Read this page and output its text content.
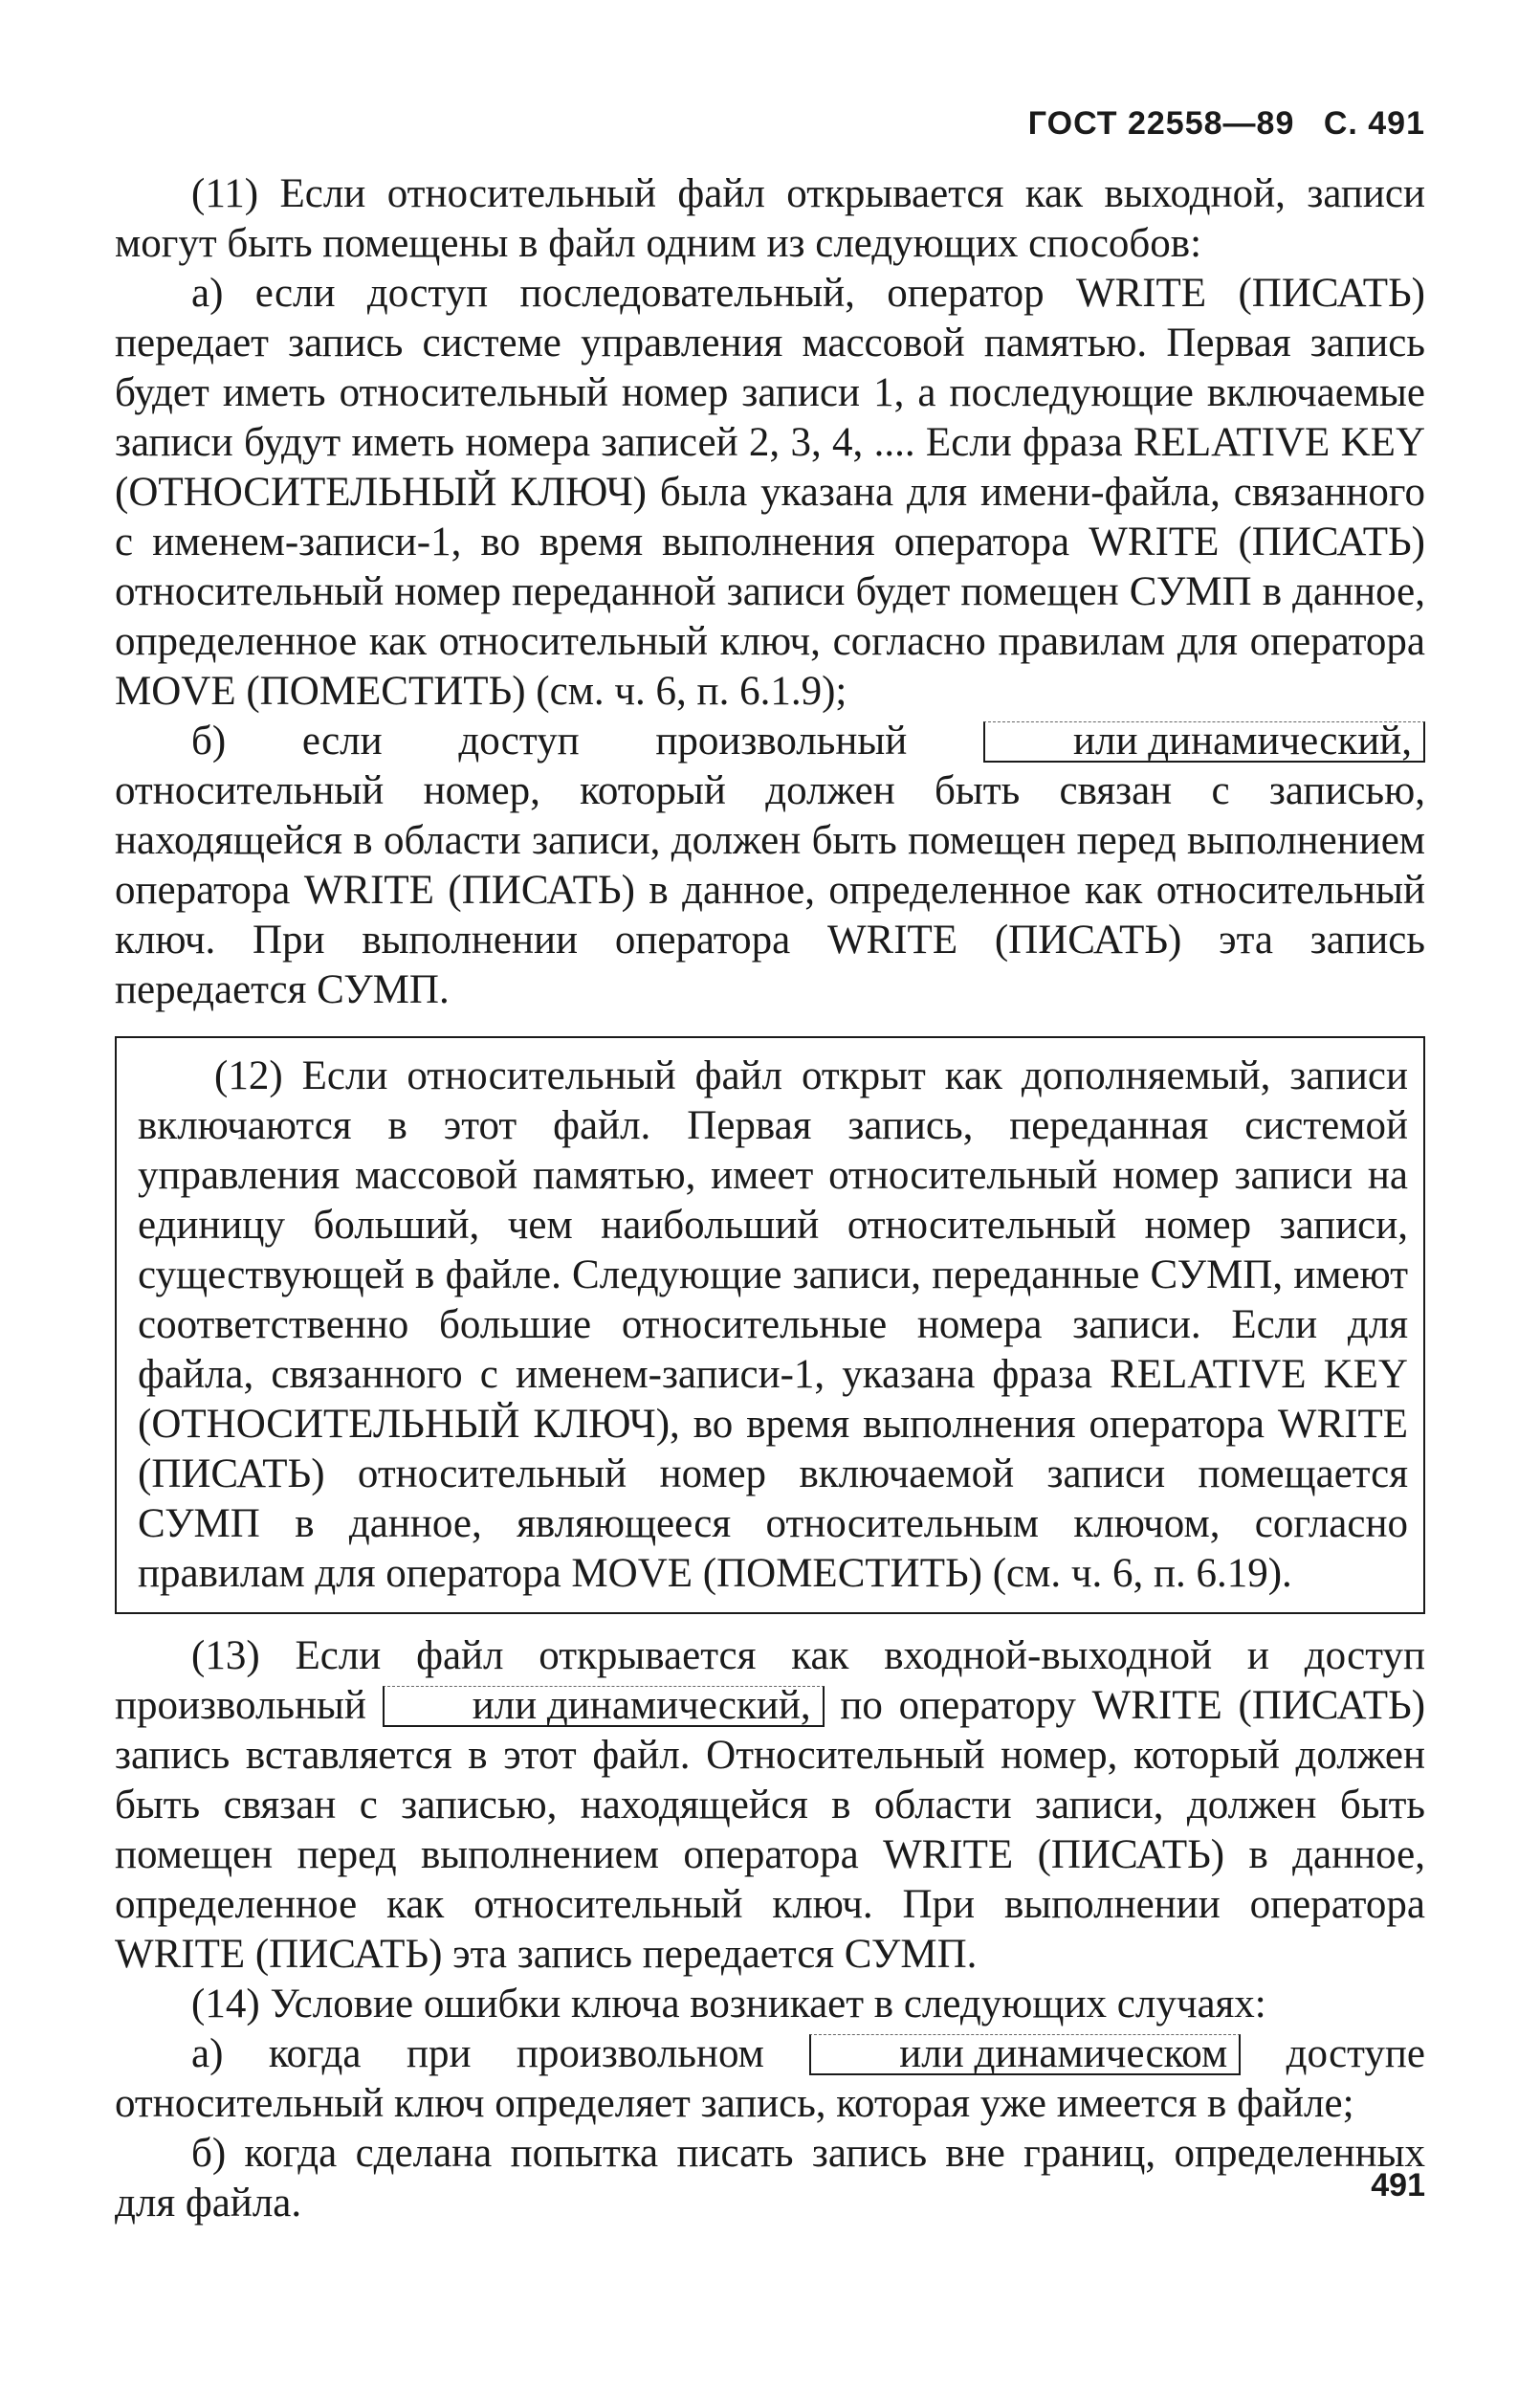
ГОСТ 22558—89 С. 491

(11) Если относительный файл открывается как выходной, записи могут быть помещены в файл одним из следующих способов:

а) если доступ последовательный, оператор WRITE (ПИСАТЬ) передает запись системе управления массовой памятью. Первая запись будет иметь относительный номер записи 1, а последующие включаемые записи будут иметь номера записей 2, 3, 4, .... Если фраза RELATIVE KEY (ОТНОСИТЕЛЬНЫЙ КЛЮЧ) была указана для имени-файла, связанного с именем-записи-1, во время выполнения оператора WRITE (ПИСАТЬ) относительный номер переданной записи будет помещен СУМП в данное, определенное как относительный ключ, согласно правилам для оператора MOVE (ПОМЕСТИТЬ) (см. ч. 6, п. 6.1.9);

б) если доступ произвольный	или динамический, относительный номер, который должен быть связан с записью, находящейся в области записи, должен быть помещен перед выполнением оператора WRITE (ПИСАТЬ) в данное, определенное как относительный ключ. При выполнении оператора WRITE (ПИСАТЬ) эта запись передается СУМП.

(12) Если относительный файл открыт как дополняемый, записи включаются в этот файл. Первая запись, переданная системой управления массовой памятью, имеет относительный номер записи на единицу больший, чем наибольший относительный номер записи, существующей в файле. Следующие записи, переданные СУМП, имеют соответственно большие относительные номера записи. Если для файла, связанного с именем-записи-1, указана фраза RELATIVE KEY (ОТНОСИТЕЛЬНЫЙ КЛЮЧ), во время выполнения оператора WRITE (ПИСАТЬ) относительный номер включаемой записи помещается СУМП в данное, являющееся относительным ключом, согласно правилам для оператора MOVE (ПОМЕСТИТЬ) (см. ч. 6, п. 6.19).

(13) Если файл открывается как входной-выходной и доступ произвольный	или динамический, по оператору WRITE (ПИСАТЬ) запись вставляется в этот файл. Относительный номер, который должен быть связан с записью, находящейся в области записи, должен быть помещен перед выполнением оператора WRITE (ПИСАТЬ) в данное, определенное как относительный ключ. При выполнении оператора WRITE (ПИСАТЬ) эта запись передается СУМП.

(14) Условие ошибки ключа возникает в следующих случаях:

а) когда при произвольном	или динамическом доступе относительный ключ определяет запись, которая уже имеется в файле;

б) когда сделана попытка писать запись вне границ, определенных для файла.	491
